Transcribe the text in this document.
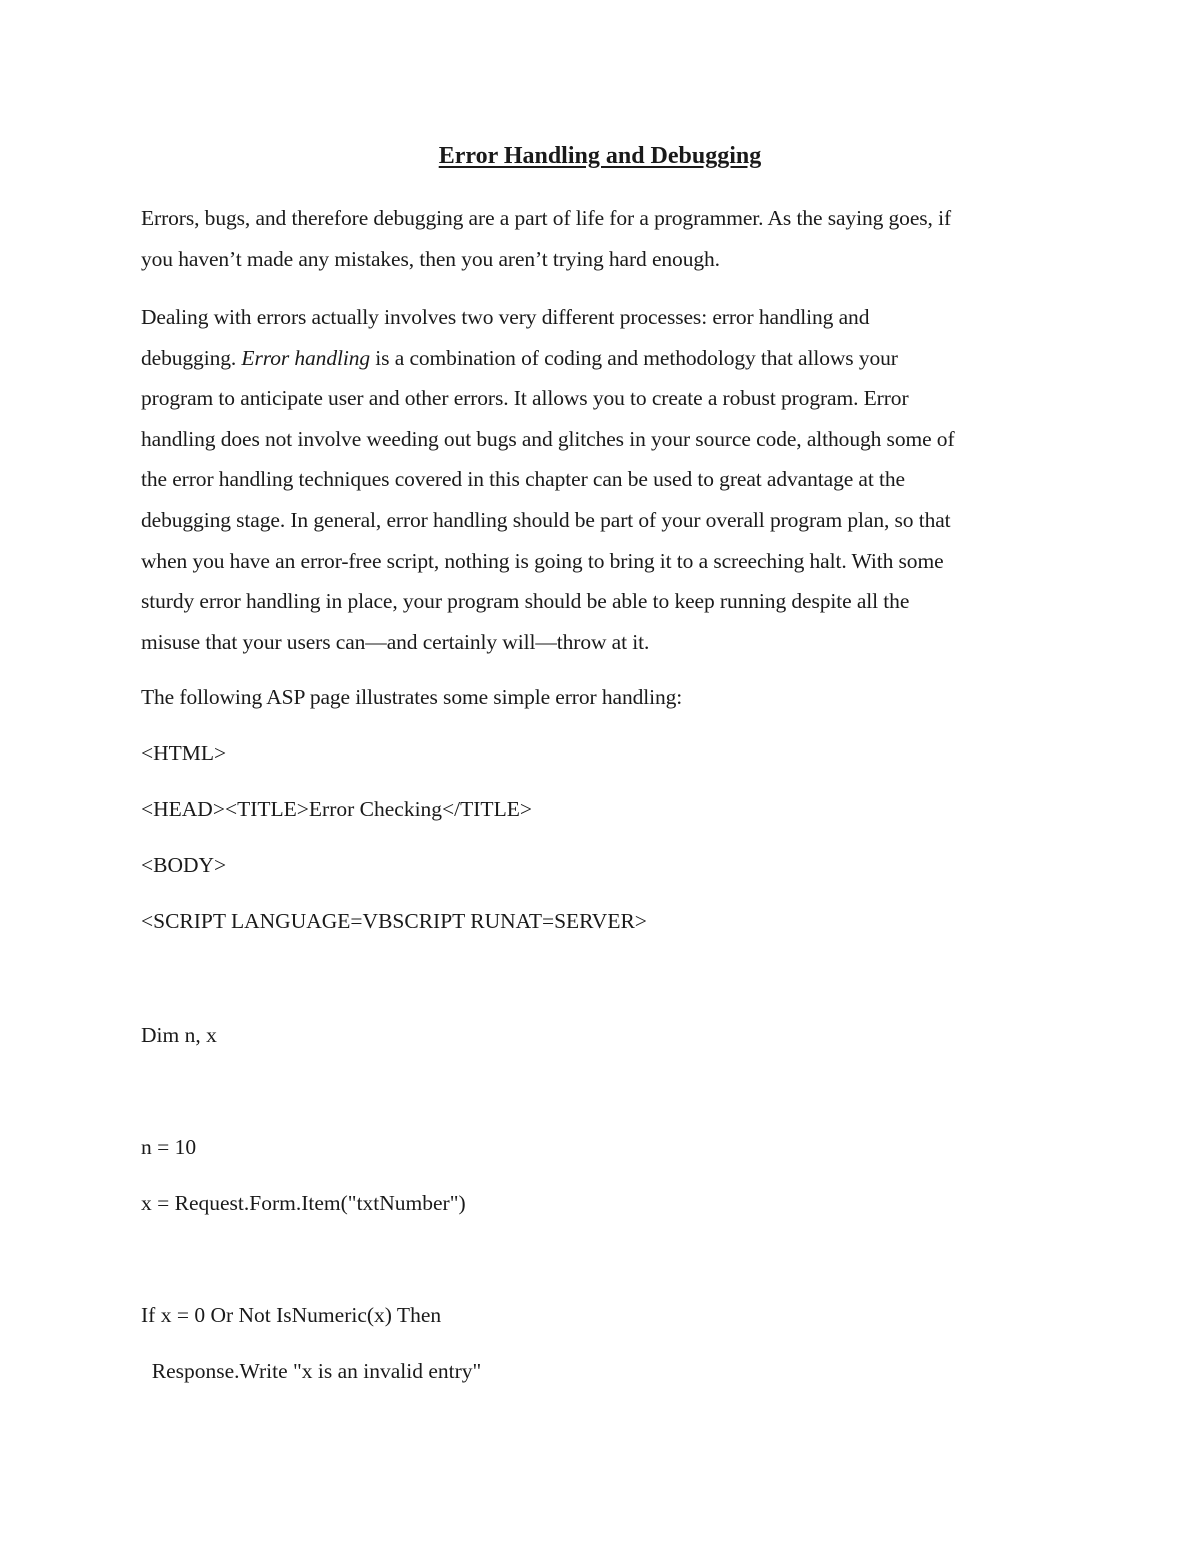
Error Handling and Debugging

Errors, bugs, and therefore debugging are a part of life for a programmer. As the saying goes, if
you haven’t made any mistakes, then you aren’t trying hard enough.

Dealing with errors actually involves two very different processes: error handling and
debugging. Error handling is a combination of coding and methodology that allows your
program to anticipate user and other errors. It allows you to create a robust program. Error
handling does not involve weeding out bugs and glitches in your source code, although some of
the error handling techniques covered in this chapter can be used to great advantage at the
debugging stage. In general, error handling should be part of your overall program plan, so that
when you have an error-free script, nothing is going to bring it to a screeching halt. With some
sturdy error handling in place, your program should be able to keep running despite all the
misuse that your users can—and certainly will—throw at it.

The following ASP page illustrates some simple error handling:

<HTML>
<HEAD><TITLE>Error Checking</TITLE>
<BODY>
<SCRIPT LANGUAGE=VBSCRIPT RUNAT=SERVER>
Dim n, x
n = 10
x = Request.Form.Item("txtNumber")
If x = 0 Or Not IsNumeric(x) Then
Response.Write "x is an invalid entry"
